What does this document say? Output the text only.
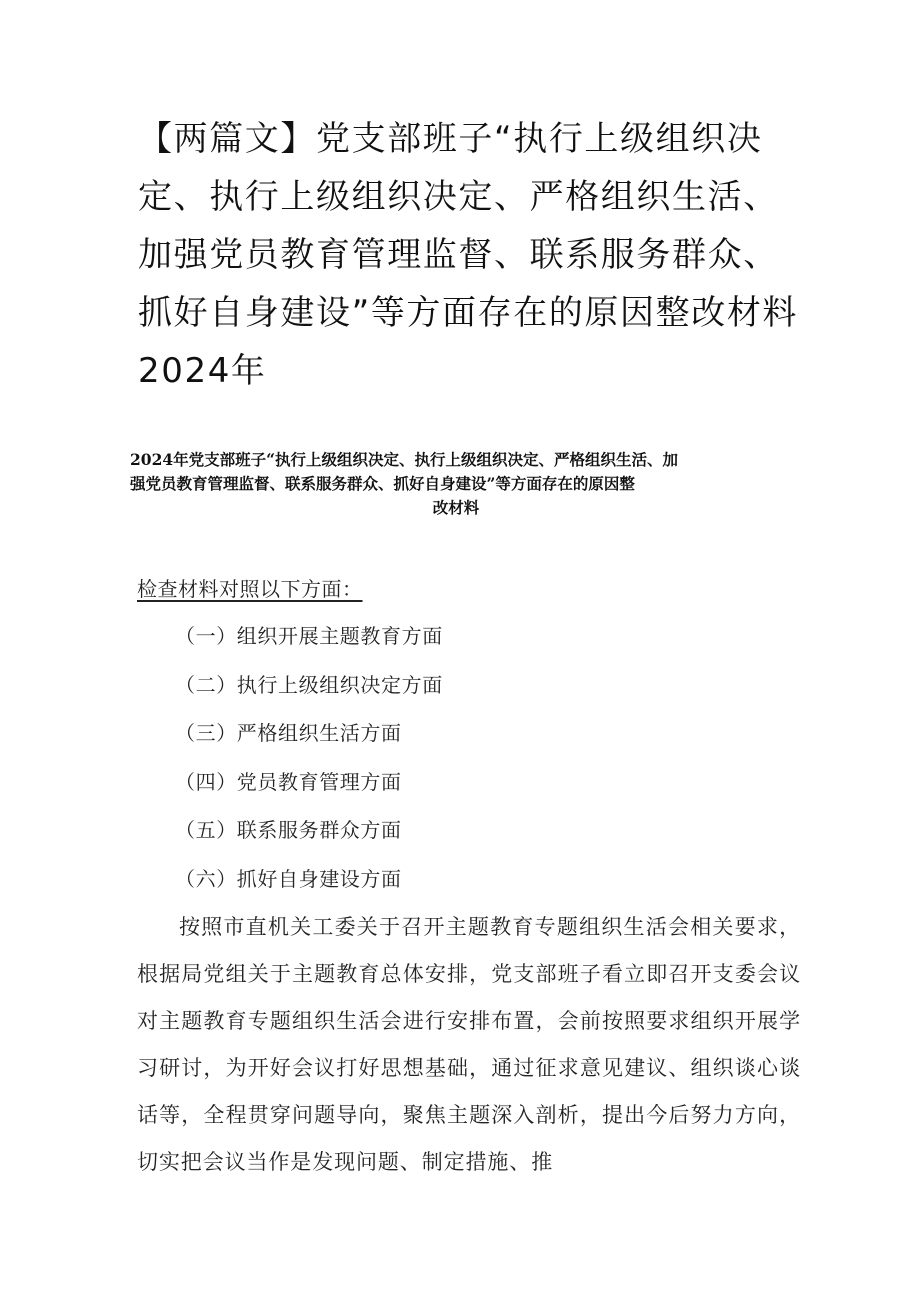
【两篇文】党支部班子“执行上级组织决定、执行上级组织决定、严格组织生活、加强党员教育管理监督、联系服务群众、抓好自身建设”等方面存在的原因整改材料2024年
2024年党支部班子“执行上级组织决定、执行上级组织决定、严格组织生活、加
强党员教育管理监督、联系服务群众、抓好自身建设”等方面存在的原因整
改材料
检查材料对照以下方面：
（一）组织开展主题教育方面
（二）执行上级组织决定方面
（三）严格组织生活方面
（四）党员教育管理方面
（五）联系服务群众方面
（六）抓好自身建设方面

按照市直机关工委关于召开主题教育专题组织生活会相关要求，根据局党组关于主题教育总体安排，党支部班子看立即召开支委会议对主题教育专题组织生活会进行安排布置，会前按照要求组织开展学习研讨，为开好会议打好思想基础，通过征求意见建议、组织谈心谈话等，全程贯穿问题导向，聚焦主题深入剖析，提出今后努力方向，切实把会议当作是发现问题、制定措施、推
